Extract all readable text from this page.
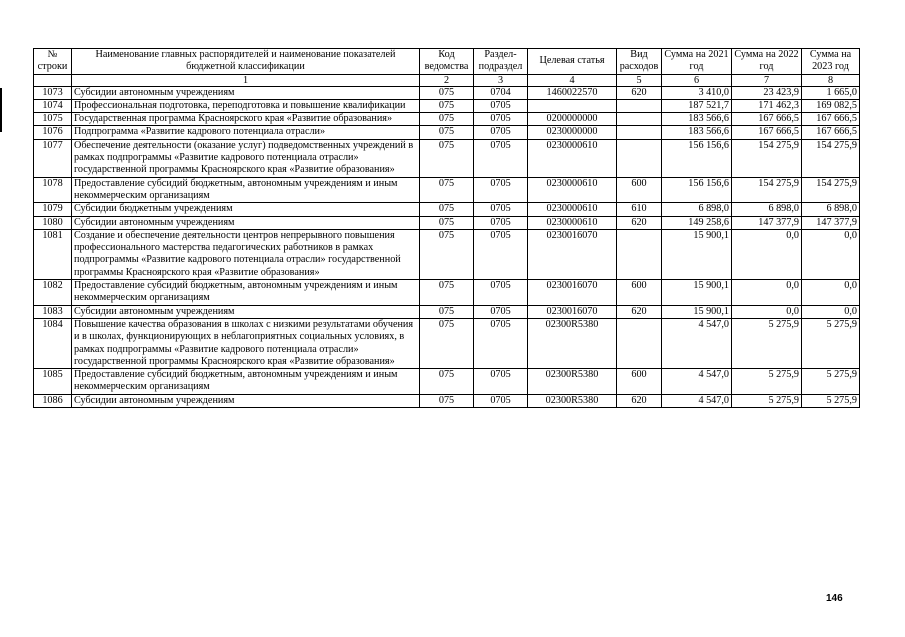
№ строки	Наименование главных распорядителей и наименование показателей бюджетной классификации	Код ведомства	Раздел-подраздел	Целевая статья	Вид расходов	Сумма на 2021 год	Сумма на 2022 год	Сумма на 2023 год
	1	2	3	4	5	6	7	8
1073	Субсидии автономным учреждениям	075	0704	1460022570	620	3 410,0	23 423,9	1 665,0
1074	Профессиональная подготовка, переподготовка и повышение квалификации	075	0705			187 521,7	171 462,3	169 082,5
1075	Государственная программа Красноярского края «Развитие образования»	075	0705	0200000000		183 566,6	167 666,5	167 666,5
1076	Подпрограмма «Развитие кадрового потенциала отрасли»	075	0705	0230000000		183 566,6	167 666,5	167 666,5
1077	Обеспечение деятельности (оказание услуг) подведомственных учреждений в рамках подпрограммы «Развитие кадрового потенциала отрасли» государственной программы Красноярского края «Развитие образования»	075	0705	0230000610		156 156,6	154 275,9	154 275,9
1078	Предоставление субсидий бюджетным, автономным учреждениям и иным некоммерческим организациям	075	0705	0230000610	600	156 156,6	154 275,9	154 275,9
1079	Субсидии бюджетным учреждениям	075	0705	0230000610	610	6 898,0	6 898,0	6 898,0
1080	Субсидии автономным учреждениям	075	0705	0230000610	620	149 258,6	147 377,9	147 377,9
1081	Создание и обеспечение деятельности центров непрерывного повышения профессионального мастерства педагогических работников в рамках подпрограммы «Развитие кадрового потенциала отрасли» государственной программы Красноярского края «Развитие образования»	075	0705	0230016070		15 900,1	0,0	0,0
1082	Предоставление субсидий бюджетным, автономным учреждениям и иным некоммерческим организациям	075	0705	0230016070	600	15 900,1	0,0	0,0
1083	Субсидии автономным учреждениям	075	0705	0230016070	620	15 900,1	0,0	0,0
1084	Повышение качества образования в школах с низкими результатами обучения и в школах, функционирующих в неблагоприятных социальных условиях, в рамках подпрограммы «Развитие кадрового потенциала отрасли» государственной программы Красноярского края «Развитие образования»	075	0705	02300R5380		4 547,0	5 275,9	5 275,9
1085	Предоставление субсидий бюджетным, автономным учреждениям и иным некоммерческим организациям	075	0705	02300R5380	600	4 547,0	5 275,9	5 275,9
1086	Субсидии автономным учреждениям	075	0705	02300R5380	620	4 547,0	5 275,9	5 275,9
146
